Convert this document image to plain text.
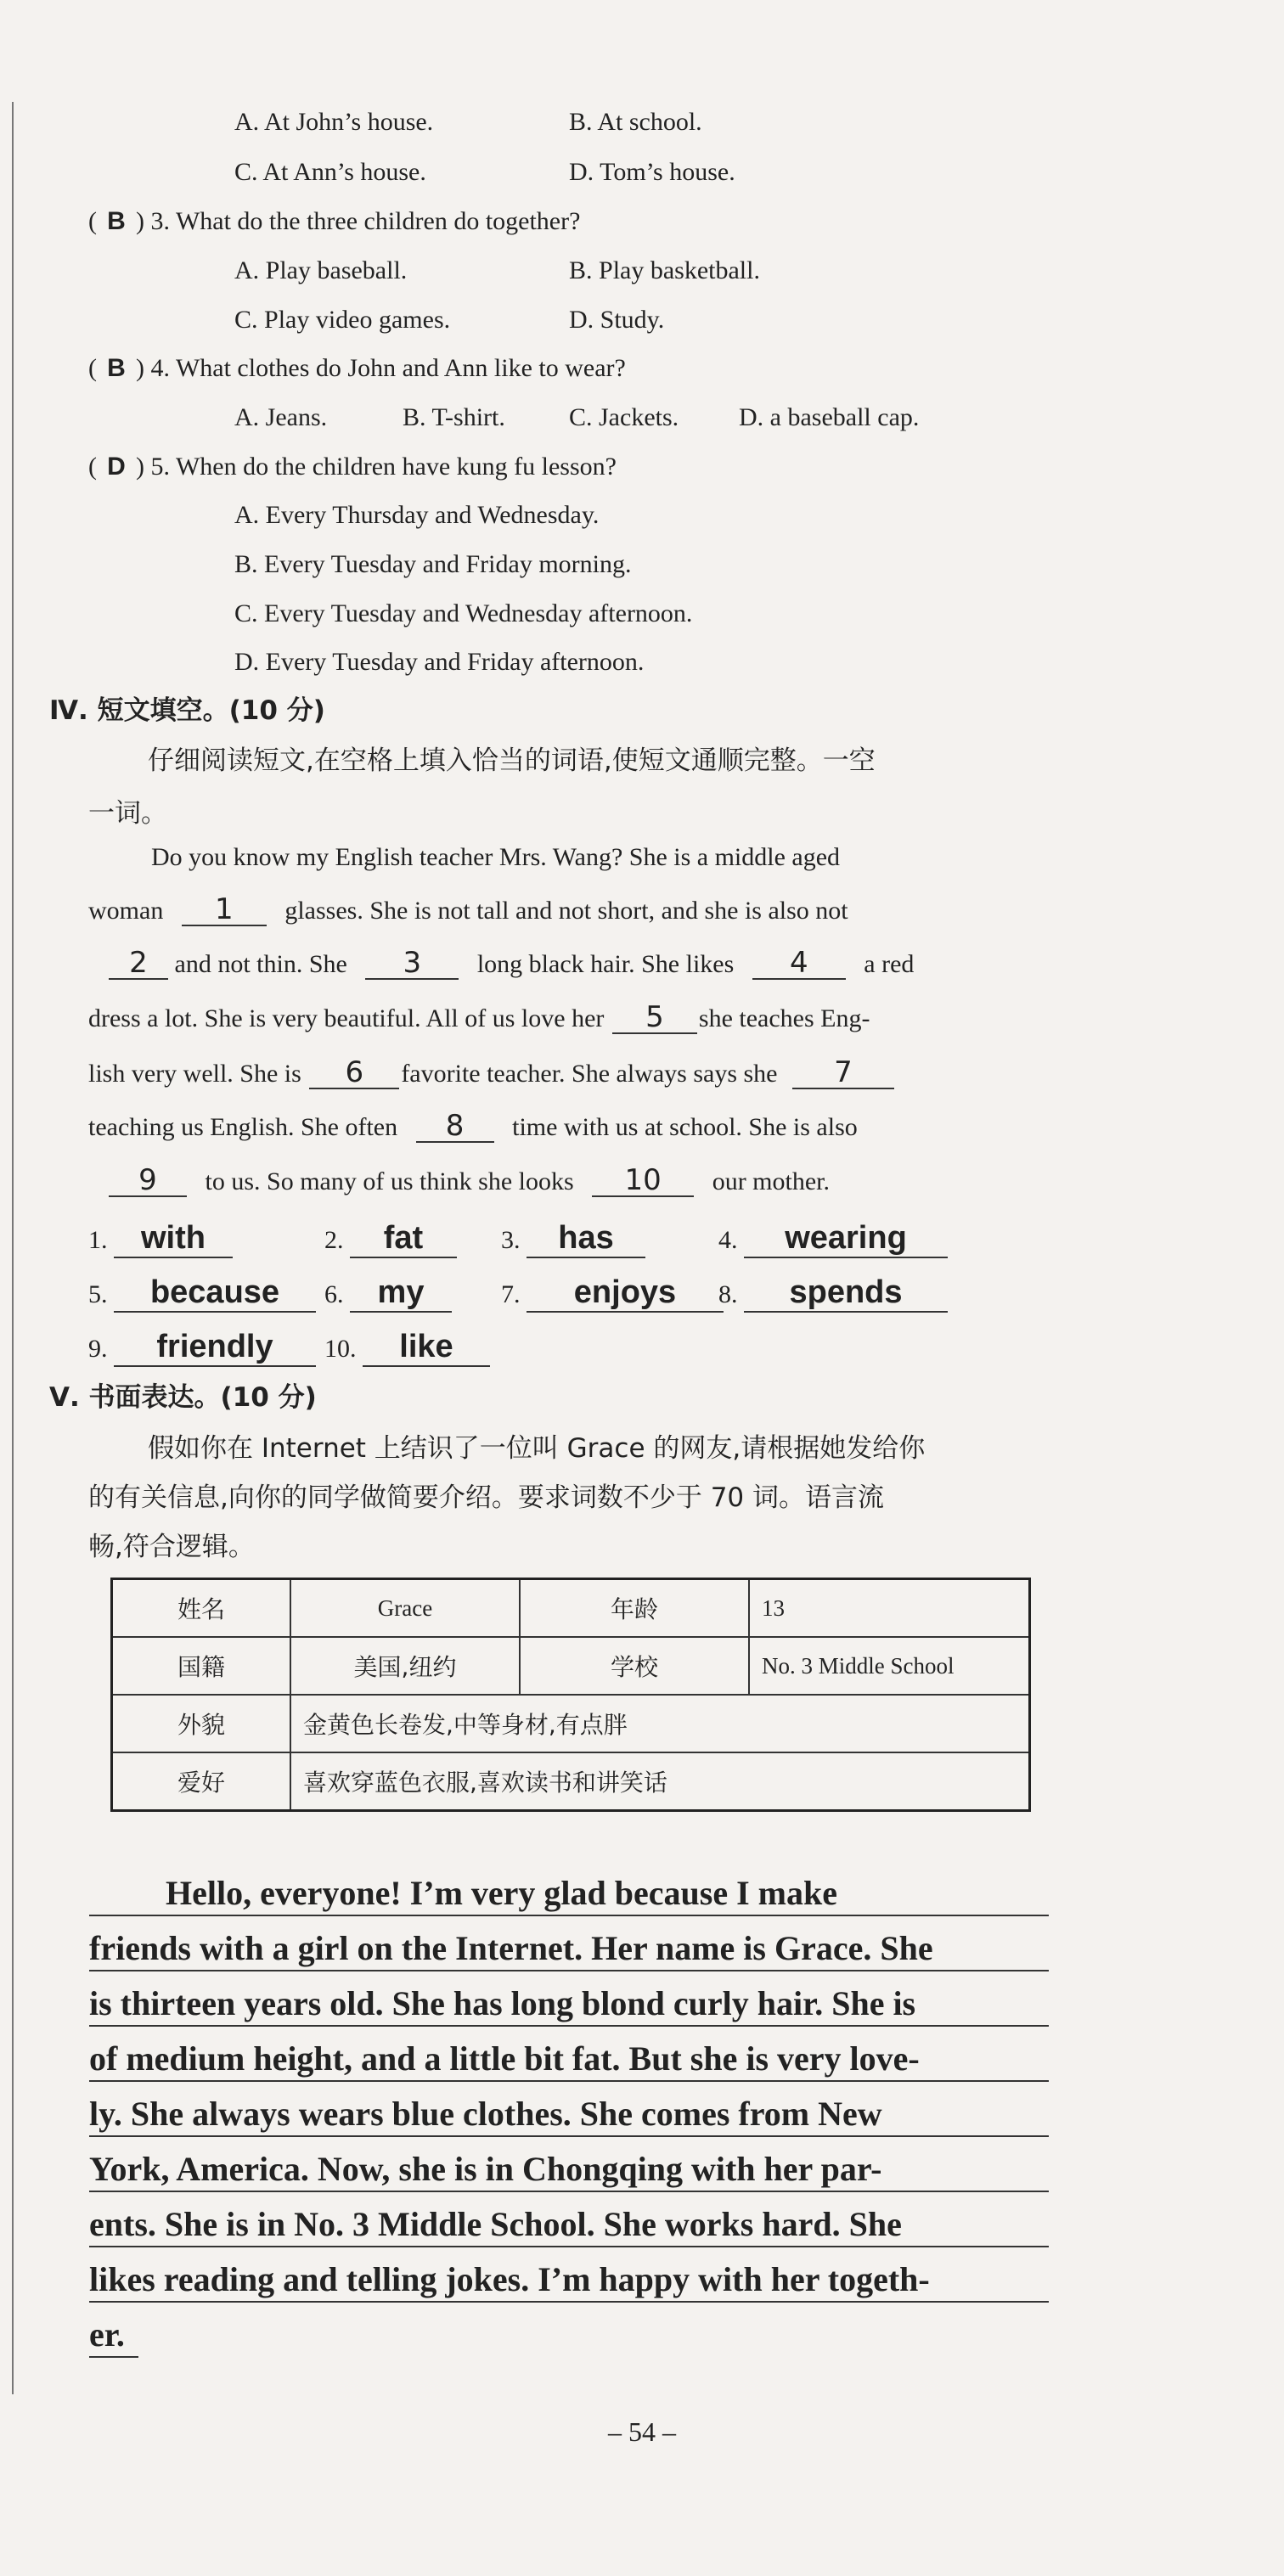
A. At John’s house.	B. At school.
C. At Ann’s house.	D. Tom’s house.
( B ) 3. What do the three children do together?
A. Play baseball.	B. Play basketball.
C. Play video games.	D. Study.
( B ) 4. What clothes do John and Ann like to wear?
A. Jeans.	B. T-shirt.	C. Jackets. D. a baseball cap.
( D ) 5. When do the children have kung fu lesson?
A. Every Thursday and Wednesday.
B. Every Tuesday and Friday morning.
C. Every Tuesday and Wednesday afternoon.
D. Every Tuesday and Friday afternoon.
Ⅳ. 短文填空。(10 分)
仔细阅读短文,在空格上填入恰当的词语,使短文通顺完整。一空
一词。
Do you know my English teacher Mrs. Wang? She is a middle aged
woman 1 glasses. She is not tall and not short, and she is also not
2 and not thin. She 3 long black hair. She likes 4 a red
dress a lot. She is very beautiful. All of us love her 5 she teaches Eng-
lish very well. She is 6 favorite teacher. She always says she 7
teaching us English. She often 8 time with us at school. She is also
9 to us. So many of us think she looks 10 our mother.
1. with	2. fat	3. has	4. wearing
5. because	6. my	7. enjoys	8. spends
9. friendly	10. like
Ⅴ. 书面表达。(10 分)
假如你在 Internet 上结识了一位叫 Grace 的网友,请根据她发给你
的有关信息,向你的同学做简要介绍。要求词数不少于 70 词。语言流
畅,符合逻辑。
姓名	Grace	年龄	13
国籍	美国,纽约	学校	No. 3 Middle School
外貌	金黄色长卷发,中等身材,有点胖		
爱好	喜欢穿蓝色衣服,喜欢读书和讲笑话		
Hello, everyone! I’m very glad because I make
friends with a girl on the Internet. Her name is Grace. She
is thirteen years old. She has long blond curly hair. She is
of medium height, and a little bit fat. But she is very love-
ly. She always wears blue clothes. She comes from New
York, America. Now, she is in Chongqing with her par-
ents. She is in No. 3 Middle School. She works hard. She
likes reading and telling jokes. I’m happy with her togeth-
er.
– 54 –
